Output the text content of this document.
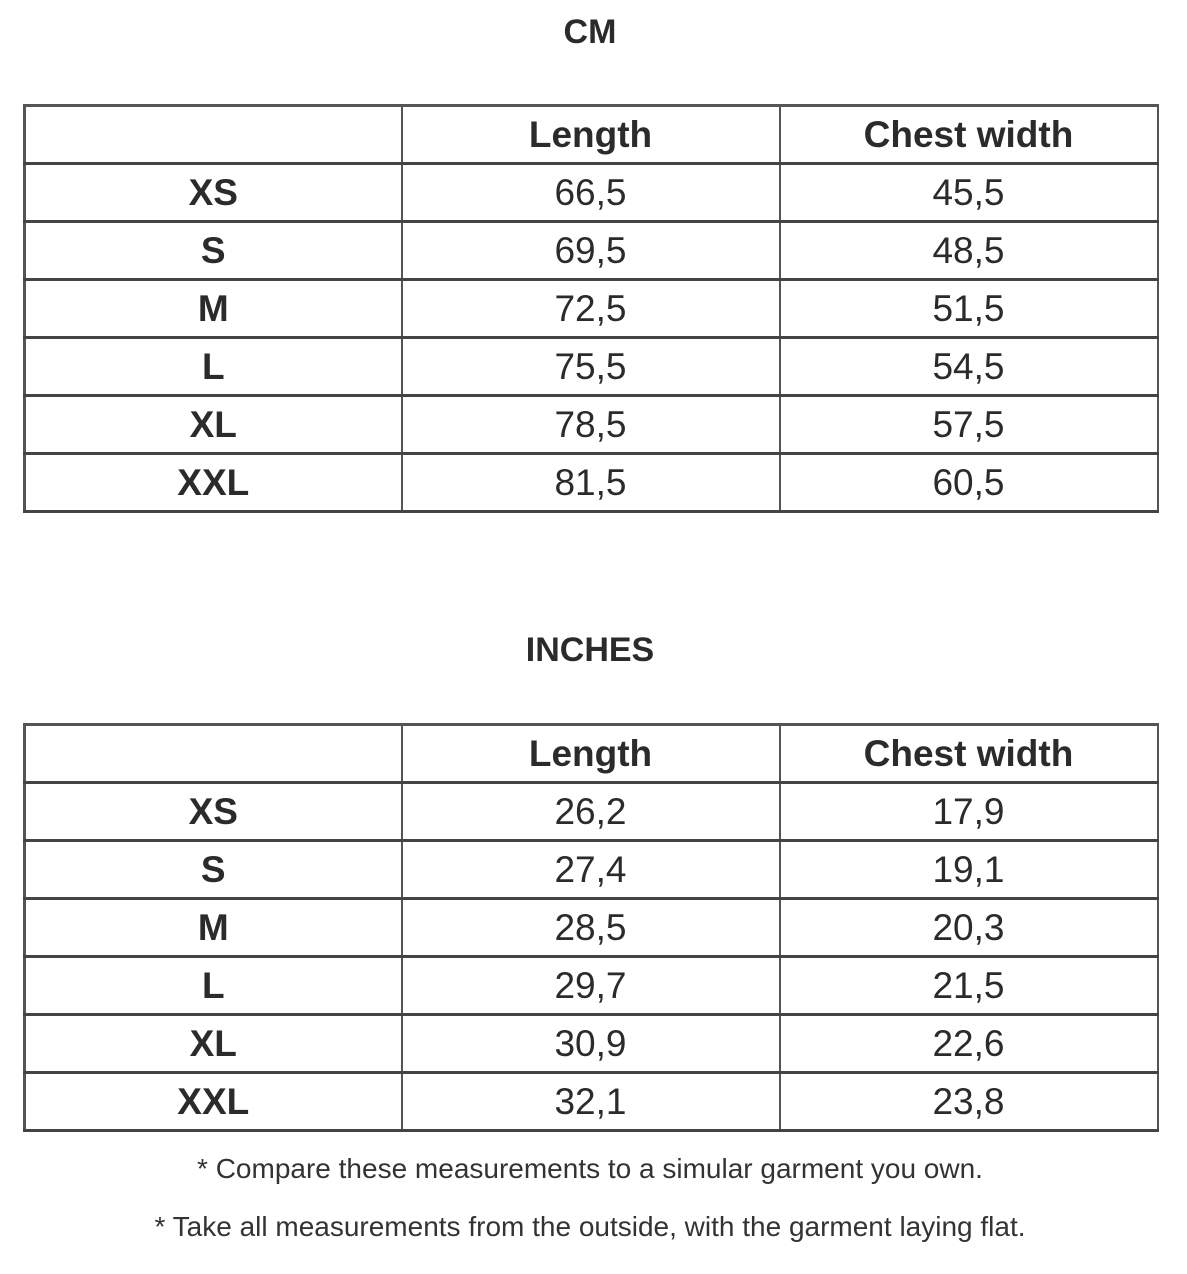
CM
	Length	Chest width
XS	66,5	45,5
S	69,5	48,5
M	72,5	51,5
L	75,5	54,5
XL	78,5	57,5
XXL	81,5	60,5
INCHES
	Length	Chest width
XS	26,2	17,9
S	27,4	19,1
M	28,5	20,3
L	29,7	21,5
XL	30,9	22,6
XXL	32,1	23,8
* Compare these measurements to a simular garment you own.
* Take all measurements from the outside, with the garment laying flat.
